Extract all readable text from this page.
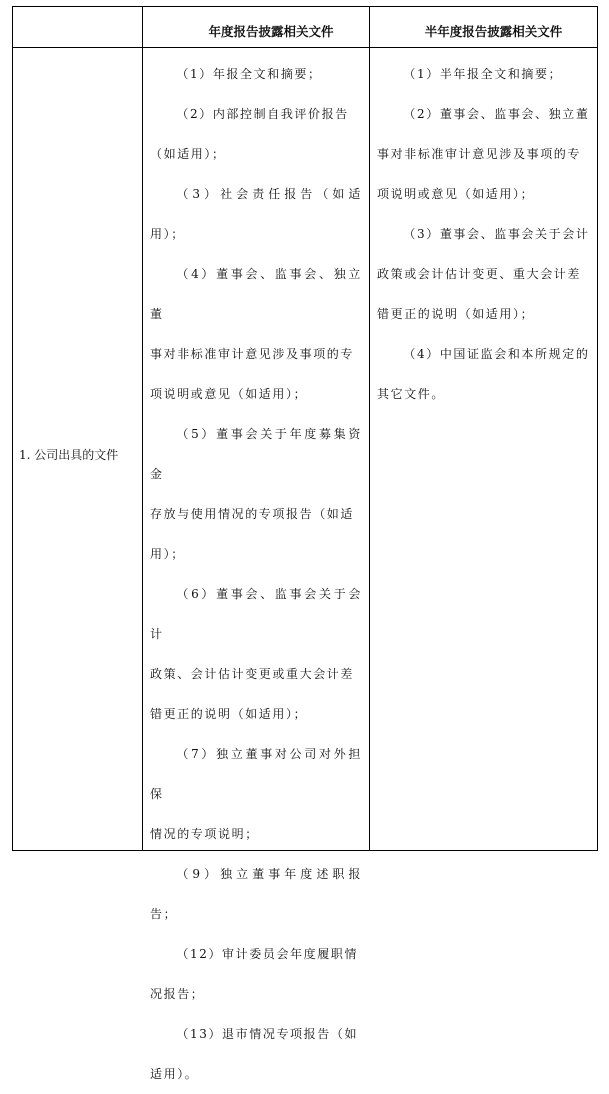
年度报告披露相关文件	半年度报告披露相关文件
1. 公司出具的文件

（1）年报全文和摘要；

（2）内部控制自我评价报告
（如适用）；

（3）社会责任报告（如适用）；

（4）董事会、监事会、独立董
事对非标准审计意见涉及事项的专
项说明或意见（如适用）；

（5）董事会关于年度募集资金
存放与使用情况的专项报告（如适
用）；

（6）董事会、监事会关于会计
政策、会计估计变更或重大会计差
错更正的说明（如适用）；

（7）独立董事对公司对外担保
情况的专项说明；

（9）独立董事年度述职报告；

（12）审计委员会年度履职情
况报告；

（13）退市情况专项报告（如
适用）。

（1）半年报全文和摘要；

（2）董事会、监事会、独立董
事对非标准审计意见涉及事项的专
项说明或意见（如适用）；

（3）董事会、监事会关于会计
政策或会计估计变更、重大会计差
错更正的说明（如适用）；

（4）中国证监会和本所规定的
其它文件。
